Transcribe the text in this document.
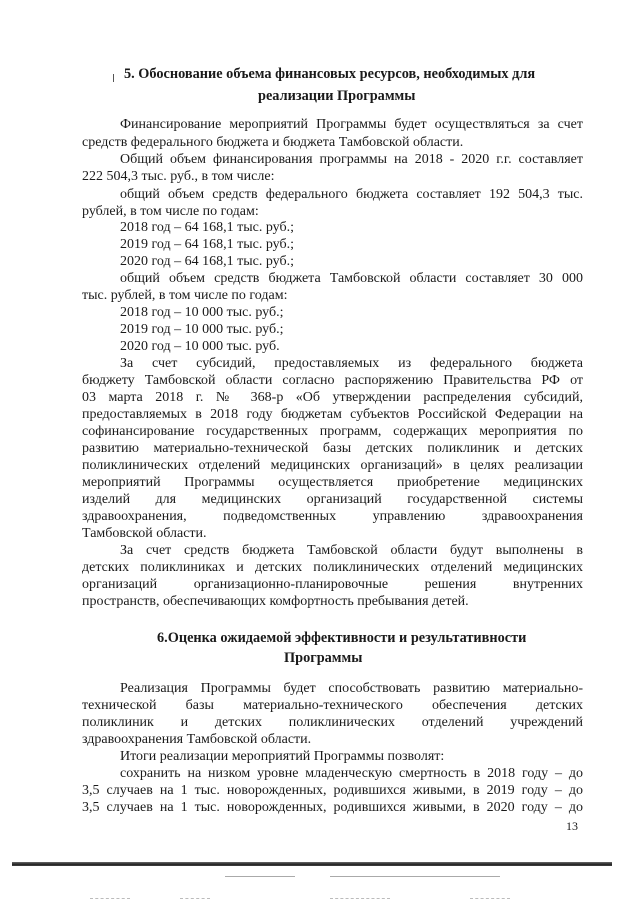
5. Обоснование объема финансовых ресурсов, необходимых для
реализации Программы
Финансирование мероприятий Программы будет осуществляться за счет
средств федерального бюджета и бюджета Тамбовской области.
Общий объем финансирования программы на 2018 - 2020 г.г. составляет
222 504,3 тыс. руб., в том числе:
общий объем средств федерального бюджета составляет 192 504,3 тыс.
рублей, в том числе по годам:
2018 год – 64 168,1 тыс. руб.;
2019 год – 64 168,1 тыс. руб.;
2020 год – 64 168,1 тыс. руб.;
общий объем средств бюджета Тамбовской области составляет 30 000
тыс. рублей, в том числе по годам:
2018 год – 10 000 тыс. руб.;
2019 год – 10 000 тыс. руб.;
2020 год – 10 000 тыс. руб.
За счет субсидий, предоставляемых из федерального бюджета
бюджету Тамбовской области согласно распоряжению Правительства РФ от
03 марта 2018 г. № 368-р «Об утверждении распределения субсидий,
предоставляемых в 2018 году бюджетам субъектов Российской Федерации на
софинансирование государственных программ, содержащих мероприятия по
развитию материально-технической базы детских поликлиник и детских
поликлинических отделений медицинских организаций» в целях реализации
мероприятий Программы осуществляется приобретение медицинских
изделий для медицинских организаций государственной системы
здравоохранения, подведомственных управлению здравоохранения
Тамбовской области.
За счет средств бюджета Тамбовской области будут выполнены в
детских поликлиниках и детских поликлинических отделений медицинских
организаций организационно-планировочные решения внутренних
пространств, обеспечивающих комфортность пребывания детей.
6.Оценка ожидаемой эффективности и результативности
Программы
Реализация Программы будет способствовать развитию материально-
технической базы материально-технического обеспечения детских
поликлиник и детских поликлинических отделений учреждений
здравоохранения Тамбовской области.
Итоги реализации мероприятий Программы позволят:
сохранить на низком уровне младенческую смертность в 2018 году – до
3,5 случаев на 1 тыс. новорожденных, родившихся живыми, в 2019 году – до
3,5 случаев на 1 тыс. новорожденных, родившихся живыми, в 2020 году – до
13
